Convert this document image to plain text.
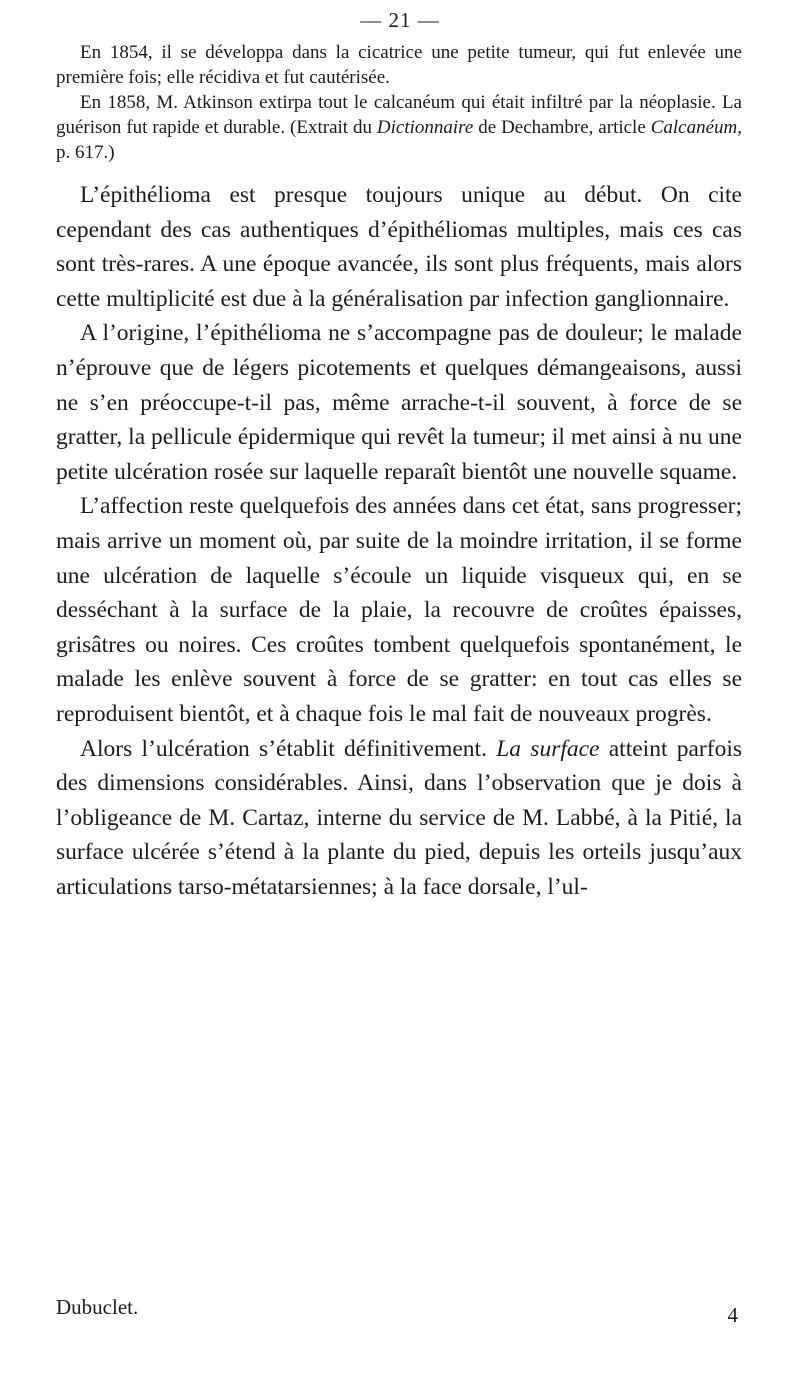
— 21 —

En 1854, il se développa dans la cicatrice une petite tumeur, qui fut enlevée une première fois; elle récidiva et fut cautérisée.

En 1858, M. Atkinson extirpa tout le calcanéum qui était infiltré par la néoplasie. La guérison fut rapide et durable. (Extrait du Dictionnaire de Dechambre, article Calcanéum, p. 617.)

L’épithélioma est presque toujours unique au début. On cite cependant des cas authentiques d’épithéliomas multiples, mais ces cas sont très-rares. A une époque avancée, ils sont plus fréquents, mais alors cette multiplicité est due à la généralisation par infection ganglionnaire.

A l’origine, l’épithélioma ne s’accompagne pas de douleur; le malade n’éprouve que de légers picotements et quelques démangeaisons, aussi ne s’en préoccupe-t-il pas, même arrache-t-il souvent, à force de se gratter, la pellicule épidermique qui revêt la tumeur; il met ainsi à nu une petite ulcération rosée sur laquelle reparaît bientôt une nouvelle squame.

L’affection reste quelquefois des années dans cet état, sans progresser; mais arrive un moment où, par suite de la moindre irritation, il se forme une ulcération de laquelle s’écoule un liquide visqueux qui, en se desséchant à la surface de la plaie, la recouvre de croûtes épaisses, grisâtres ou noires. Ces croûtes tombent quelquefois spontanément, le malade les enlève souvent à force de se gratter: en tout cas elles se reproduisent bientôt, et à chaque fois le mal fait de nouveaux progrès.

Alors l’ulcération s’établit définitivement. La surface atteint parfois des dimensions considérables. Ainsi, dans l’observation que je dois à l’obligeance de M. Cartaz, interne du service de M. Labbé, à la Pitié, la surface ulcérée s’étend à la plante du pied, depuis les orteils jusqu’aux articulations tarso-métatarsiennes; à la face dorsale, l’ul-

Dubuclet.	4
